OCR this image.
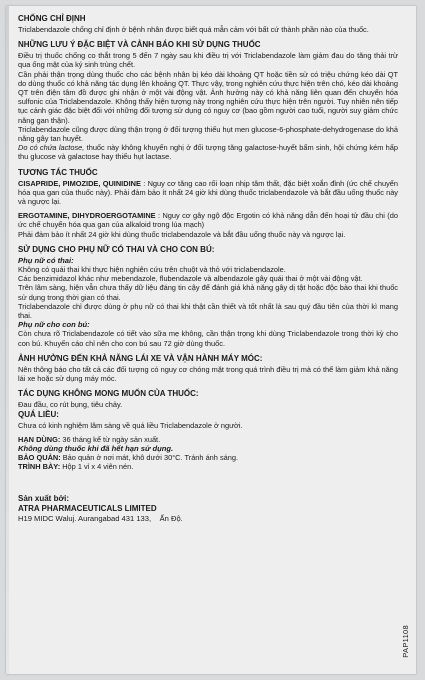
CHỐNG CHỈ ĐỊNH

Triclabendazole chống chỉ định ở bệnh nhân được biết quá mẫn cảm với bất cứ thành phần nào của thuốc.

NHỮNG LƯU Ý ĐẶC BIỆT VÀ CẢNH BÁO KHI SỬ DỤNG THUỐC

Điều trị thuốc chống co thắt trong 5 đến 7 ngày sau khi điều trị với Triclabendazole làm giảm đau do tăng thải trừ qua ống mật của ký sinh trùng chết.

Cần phải thận trọng dùng thuốc cho các bệnh nhân bị kéo dài khoảng QT hoặc tiền sử có triệu chứng kéo dài QT do dùng thuốc có khả năng tác dụng lên khoảng QT. Thực vậy, trong nghiên cứu thực hiện trên chó, kéo dài khoảng QT trên điện tâm đồ được ghi nhận ở một vài động vật. Ảnh hưởng này có khả năng liên quan đến chuyển hóa sulfonic của Triclabendazole. Không thấy hiện tượng này trong nghiên cứu thực hiện trên người. Tuy nhiên nên tiếp tục cảnh giác đặc biệt đối với những đối tượng sử dụng có nguy cơ (bao gồm người cao tuổi, người suy giảm chức năng gan thận).

Triclabendazole cũng được dùng thận trọng ở đối tượng thiếu hụt men glucose-6-phosphate-dehydrogenase do khả năng gây tan huyết.

Do có chứa lactose, thuốc này không khuyến nghị ở đối tượng tăng galactose-huyết bẩm sinh, hội chứng kém hấp thu glucose và galactose hay thiếu hụt lactase.

TƯƠNG TÁC THUỐC

CISAPRIDE, PIMOZIDE, QUINIDINE : Nguy cơ tăng cao rối loạn nhịp tâm thất, đặc biệt xoắn đỉnh (ức chế chuyển hóa qua gan của thuốc này). Phải đảm bảo ít nhất 24 giờ khi dùng thuốc triclabendazole và bắt đầu uống thuốc này và ngược lại.

ERGOTAMINE, DIHYDROERGOTAMINE : Nguy cơ gây ngộ độc Ergotin có khả năng dẫn đến hoại tử đầu chi (do ức chế chuyển hóa qua gan của alkaloid trong lúa mạch)

Phải đảm bảo ít nhất 24 giờ khi dùng thuốc triclabendazole và bắt đầu uống thuốc này và ngược lại.

SỬ DỤNG CHO PHỤ NỮ CÓ THAI VÀ CHO CON BÚ:

Phụ nữ có thai:

Không có quái thai khi thực hiện nghiên cứu trên chuột và thỏ với triclabendazole.

Các benzimidazol khác như mebendazole, flubendazole và albendazole gây quái thai ở một vài động vật.

Trên lâm sàng, hiện vẫn chưa thấy dữ liệu đáng tin cậy để đánh giá khả năng gây dị tật hoặc độc bào thai khi thuốc sử dụng trong thời gian có thai.

Triclabendazole chỉ được dùng ở phụ nữ có thai khi thật cần thiết và tốt nhất là sau quý đầu tiên của thời kì mang thai.

Phụ nữ cho con bú:

Còn chưa rõ Triclabendazole có tiết vào sữa mẹ không, cần thận trọng khi dùng Triclabendazole trong thời kỳ cho con bú. Khuyến cáo chỉ nên cho con bú sau 72 giờ dùng thuốc.

ẢNH HƯỞNG ĐẾN KHẢ NĂNG LÁI XE VÀ VẬN HÀNH MÁY MÓC:

Nên thông báo cho tất cả các đối tượng có nguy cơ chóng mặt trong quá trình điều trị mà có thể làm giảm khả năng lái xe hoặc sử dụng máy móc.

TÁC DỤNG KHÔNG MONG MUỐN CỦA THUỐC:

Đau đầu, co rút bụng, tiêu chảy.

QUÁ LIỀU:

Chưa có kinh nghiệm lâm sàng về quá liều Triclabendazole ở người.

HẠN DÙNG: 36 tháng kể từ ngày sản xuất.

Không dùng thuốc khi đã hết hạn sử dụng.

BẢO QUẢN: Bảo quản ở nơi mát, khô dưới 30°C. Tránh ánh sáng.

TRÌNH BÀY: Hộp 1 vỉ x 4 viên nén.

Sản xuất bởi:
ATRA PHARMACEUTICALS LIMITED
H19 MIDC Waluj. Aurangabad 431 133, Ấn Độ.
PAP1108
